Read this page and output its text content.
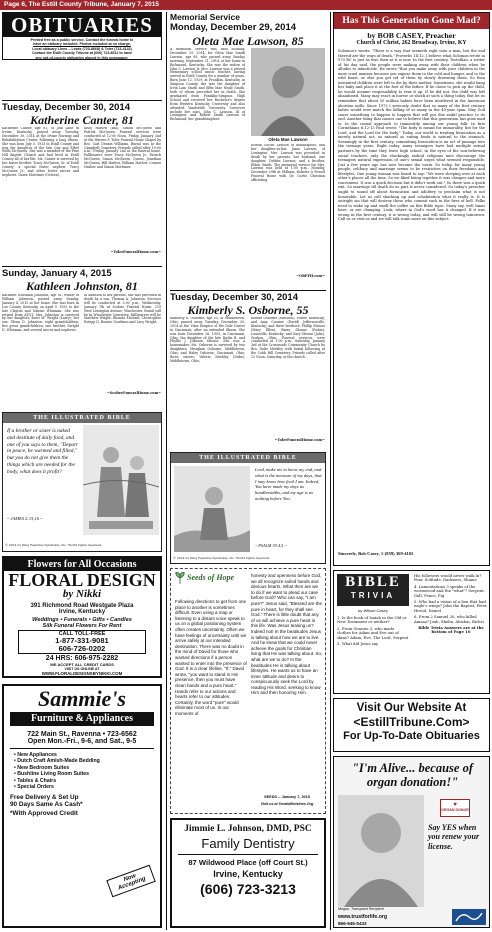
Page 6, The Estill County Tribune, January 7, 2015
OBITUARIES
Printed free as a public service. Contact the funeral home to
have an obituary included. Photos included at no charge.
Local obituary Lines -- Lewis (723-8668) & Toler (723-4142)
Contact the Estill County Tribune at (606) 723-8011 to have
any out-of-county obituaries placed in this newspaper.
Tuesday, December 30, 2014
Katherine Canter, 81
Katherine Canter, age 81, of Jodi Lane in Irvine, Kentucky, passed away Tuesday, December 30, 2014 at the Irvine Nursing and Rehabilitation Center, following a long illness. She was born July 5, 1933 in Estill County and was the daughter of the late Guy and Ethel Wells McQueen. She was a member of the Pine Hill Baptist Church and had lived in Estill County all of her life. Ms. Canter is survived by her foster brother, Tracy McQueen, Sr. of Estill County; a special foster nephew, Tracy McQueen Jr.; and other foster nieces and nephews: Dawn Mortimer (Osteen),
Kelly Harlow (Bill), Simon McQueen and Patrick McQueen. Funeral services were conducted at 12:00 Noon, Friday, January 2nd at the Warren F. Toler Funeral Home Chapel by Bro. Carl Dennis Williams. Burial was at the Campbell Cemetery. Friends called after 10:00 a.m., Friday, January 2nd at the funeral home. Pallbearers were Tracy McQueen Jr., Patrick McQueen, Simon McQueen, Queen, Jonathan McQueen, Bill Harlow, William Harlow, Conner Harlow and Simon Mortimer.
~TolerFuneralHome.com~
Sunday, January 4, 2015
Kathleen Johnston, 81
Kathleen Whisman Johnston, age 81, widow of William Johnston, passed away Sunday, January 4, 2015 at her home. She was born in Lee County, Kentucky on April 9, 1933 to the late Clayton and Nannie Whisman. She was retired from AT&T. Mrs. Johnston is survived by her daughter, Kerri M. Wright (Larry); her son, Glenn D. Johnston; eight grandchildren, five great grandchildren; one brother, Dwight D. Whisman, and several nieces and nephews.
In addition to her parents, she was preceded in death by a son, Thomas A. Johnston. Services will be conducted at 2:00 p.m., Wednesday, January 7th at Scobee Funeral Home, 219 West Lexington Avenue, Winchester. Burial will be in Winchester Cemetery. Pallbearers will be Matthew Wright, Rhonda Michael, Christopher Estepp II, Ronnie Goodman and Lacy Wright.
~ScobeeFuneralHome.com~
THE ILLUSTRATED BIBLE
If a brother or sister is naked and destitute of daily food, and one of you says to them, "Depart in peace, be warmed and filled," but you do not give them the things which are needed for the body, what does it profit?
~ JAMES 2:15,16 ~
© 2014 by King Features Syndicate, Inc. World rights reserved.
Flowers for All Occasions
FLORAL DESIGN
by Nikki
391 Richmond Road Westgate Plaza
Irvine, Kentucky
Weddings • Funerals • Gifts • Candles
Silk Funeral Flowers For Rent
CALL TOLL-FREE
1-877-331-9081
606-726-0202
24 HRS: 606-975-2282
WE ACCEPT ALL CREDIT CARDS
VISIT US ONLINE AT
WWW.FLORALDESIGNSBYNIKKI.COM
Sammie's
Furniture & Appliances
722 Main St., Ravenna • 723-6562
Open Mon.-Fri., 9-6, and Sat., 9-5
• New Appliances
• Dutch Craft Amish-Made Bedding
• New Bedroom Suites
• Bushline Living Room Suites
• Tables & Chairs
• Special Orders
Free Delivery & Set Up
90 Days Same As Cash*
*With Approved Credit
Now Accepting
Memorial Service
Monday, December 29, 2014
Oleta Mae Lawson, 85
A memorial service was held Monday, December 29, 2014, for Oleta Mae Smith Lawson, age 85, who passed away Sunday morning, September 21, 2014, at her home in Richmond, Kentucky. She was the widow of John C. Lawson Jr. Mrs. Lawson was a retired elementary school music teacher, having served in Estill County for a number of years. Born June 12, 1929, at Franklin, Kentucky, in Simpson County, she was the daughter of Irvin Lam Smith and Effie Mae Nealy Smith, both of whom preceded her in death. She graduated from Franklin-Simpson High School and received her Bachelor's degree from Western Kentucky University and also attended Vanderbilt University. Survivors include her sons, John C. Lawson, III of Lexington, and Robert Smith Lawson of Richmond; her granddaughter,
Oleta Mae Lawson
Kristin Nicole Lawson of Indianapolis; and her daughter-in-law, Janie Lawson, of Lexington. Mrs. Lawson was preceded in death by her parents, her husband, one daughter, Debbie Lawson; and a brother, Eldon Smith. The memorial service for Mrs. Lawson was held at 1:00 p.m., Monday, December 29th at Oldham, Roberts & Powell Funeral Home with Dr. Curtis Christian officiating.
~ORPFH.com~
Tuesday, December 30, 2014
Kimberly S. Osborne, 55
Kimberly S. Osborne, age 55, of Middletown, Ohio, passed away Tuesday, December 30, 2014 at the Vitas Hospice of the Dale Center in Cincinnati, after an extended illness. She was born December 26, 1959, in Cincinnati, Ohio, the daughter of the late Hadie B. and Phyllis J. Johnson Shouse. She was a homemaker. Ms. Osborne is survived by two daughters: Meaghan Osborne, Middletown, Ohio; and Haley Osborne, Cincinnati, Ohio; three sisters: Valerie Merkley (Duke), Middletown, Ohio;
Bonnie Osborne (Mitchell), Foster, Kentucky; and Amy Coomer (David) Jeffersonville, Kentucky; and three brothers: Phillip Shouse (Mary Ellen), Barry Shouse (Robin), Louisville, Kentucky; and Gary Shouse (Julie), Goshen, Ohio. Funeral services were conducted at 1:00 p.m., Saturday, January 3rd at the Crossroads Community Church by Bro. Duke Merkley with burial following at the Cobb Hill Cemetery. Friends called after 12 Noon, Saturday, at the church.
~TolerFuneralHome.com~
THE ILLUSTRATED BIBLE
Lord, make me to know my end, and what is the measure of my days, that I may know how frail I am. Indeed, You have made my days as handbreadths, and my age is as nothing before You.
~ PSALM 39:4,5 ~
© 2014 by King Features Syndicate, Inc. World rights reserved.
Seeds of Hope
Following directions to get from one place to another is sometimes difficult. Even using a map or listening to a distant voice speak to us on a global positioning system often creates uncertainty. Often we have feelings of uncertainty until we arrive safely at our intended destination. There was no doubt in the mind of David for those who wanted directions if a person wanted to enter into the presence of God. It is a clear lifeline. "If," David wrote, "you want to stand in His presence, then you must have clean hands and a pure heart." Hands refer to our actions and hearts refer to our attitudes. Certainly, the word "pure" would eliminate most of us. In our moments of
honesty and openness before God, we all recognize soiled hands and devious hearts. What then are we to do if we want to plead our case before God? Who can say, "I am pure?" Jesus said, "Blessed are the pure in heart, for they shall see God." There is little doubt that any of us will achieve a pure heart in this life. Was Jesus teasing us? Indeed not! In the beatitudes Jesus is talking about how we are to live. And he knew that we could never achieve the goals for Christian living that He was talking about. So, what are we to do? In the beatitudes He is talking about lifestyles. He wants us to have an inner attitude and desire to conspicuously seek the Lord by reading His Word, seeking to know Him and then honoring Him.
SEEDS -- January 7, 2015
Visit us at SeedsMinistries.Org
Jimmie L. Johnson, DMD, PSC
Family Dentistry
87 Wildwood Place (off Court St.)
Irvine, Kentucky
(606) 723-3213
Has This Generation Gone Mad?
by BOB CASEY, Preacher
Church of Christ, 262 Broadway, Irvine, KY
Solomon's words: "There is a way that seemeth right unto a man, but the end thereof are the ways of death," Proverbs 14:12. I believe what Solomon wrote in 970 BC is just as true then as it is now. In the first century, Tertullian, a writer of his day said, the people were making away with their children when he alludes to infanticide. He wrote "that you make away with your children in the most cruel manner because you expose them to the cold and hunger, and to the wild beast, or else you get rid of them by slowly drowning them. So then unwanted children were left to die by their mother. Sometimes, she would hang her baby and place it at the feet of the father. If he chose to pick up the child, he would assume responsibility to rear it up. If he did not, the child was left abandoned. Many may react in horror or shock at such a thing today. But let us remember that about 55 million babies have been murdered in the American abortion mills. Since 1973 I seriously doubt that so many of the first century ladies would ever match the killing of so many in the 40-year span. May God cause something to happen to happen that will put this sinful practice to its end. Another thing that causes one to believe that this generation has gone mad is: In the casual approach to immorality among our young folk. In first Corinthians 6:12-13 Paul wrote: "The body is meant for immorality, but for the Lord, and the Lord for the body." Today, our world is treating fornication as a merely natural act, as natural as eating foods is natural to the stomach. Seemingly in the first century, committing fornication is an act of passage into the teenage years. Right today, many teenagers have had multiple sexual partners by the time they leave high school. In the eyes of the non-believing social teachers, only the shockingly radical religious nuts discourage the teenagers natural expression of one's sexual urges what seemed responsible. Just a few years ago has now become the norm. So today, for many young people, celibacy and marriage seems to be restrictive on their freedoms and lifestyles. One young woman was heard to say: "We were sleeping over at each other's places all the time. So we liked being together it was cheaper and more convenient. It was a quick decision but it didn't work out." So there was a quick exit. So marriage till death do us part is never considered. So today's preacher ought to sound off about fornication and adultery to proclaim what is not honorable. Let us call shacking up and cohabitation what it really is. It is outright sin that will destroy those who commit such in the fires of hell. Folks need to wake up and smell the coffee on this Bible topic. Many say, well times have, or are changing. Look, where in God's word has it changed. If it was wrong in the first century, it is wrong today, and will still be wrong tomorrow. Call us or visit us and we will talk some more on this subject.
Sincerely, Bob Casey, 1-(859) 369-4165
BIBLE
TRIVIA
by Wilson Casey
1. Is the book of Isaiah in the Old or New Testament or neither?
2. From Genesis 3, who made clothes for Adam and Eve out of skins? Adam, Eve, The Lord, Serpent
3. What did Jesus say
His followers would never walk in? Fear, Solitude, Darkness, Shame
4. Lamentations 3 speaks of the wormwood and the "what"? Serpent, Gall, Fence, Fig
5. Who had a vision of a lion that had eagle's wings? John the Baptist, Peter, Herod, Daniel
6. From 2 Samuel 20, who killed Amasa? Joab, Sheba, Abishai, Bichri
Bible Trivia Answers are at the bottom of Page 10
Visit Our Website At
<EstillTribune.Com>
For Up-To-Date Obituaries
"I'm Alive... because of organ donation!"
♥
ORGAN DONOR
Say YES when you renew your license.
Megan, Transplant Recipient
www.trustforlife.org
866-945-5433
